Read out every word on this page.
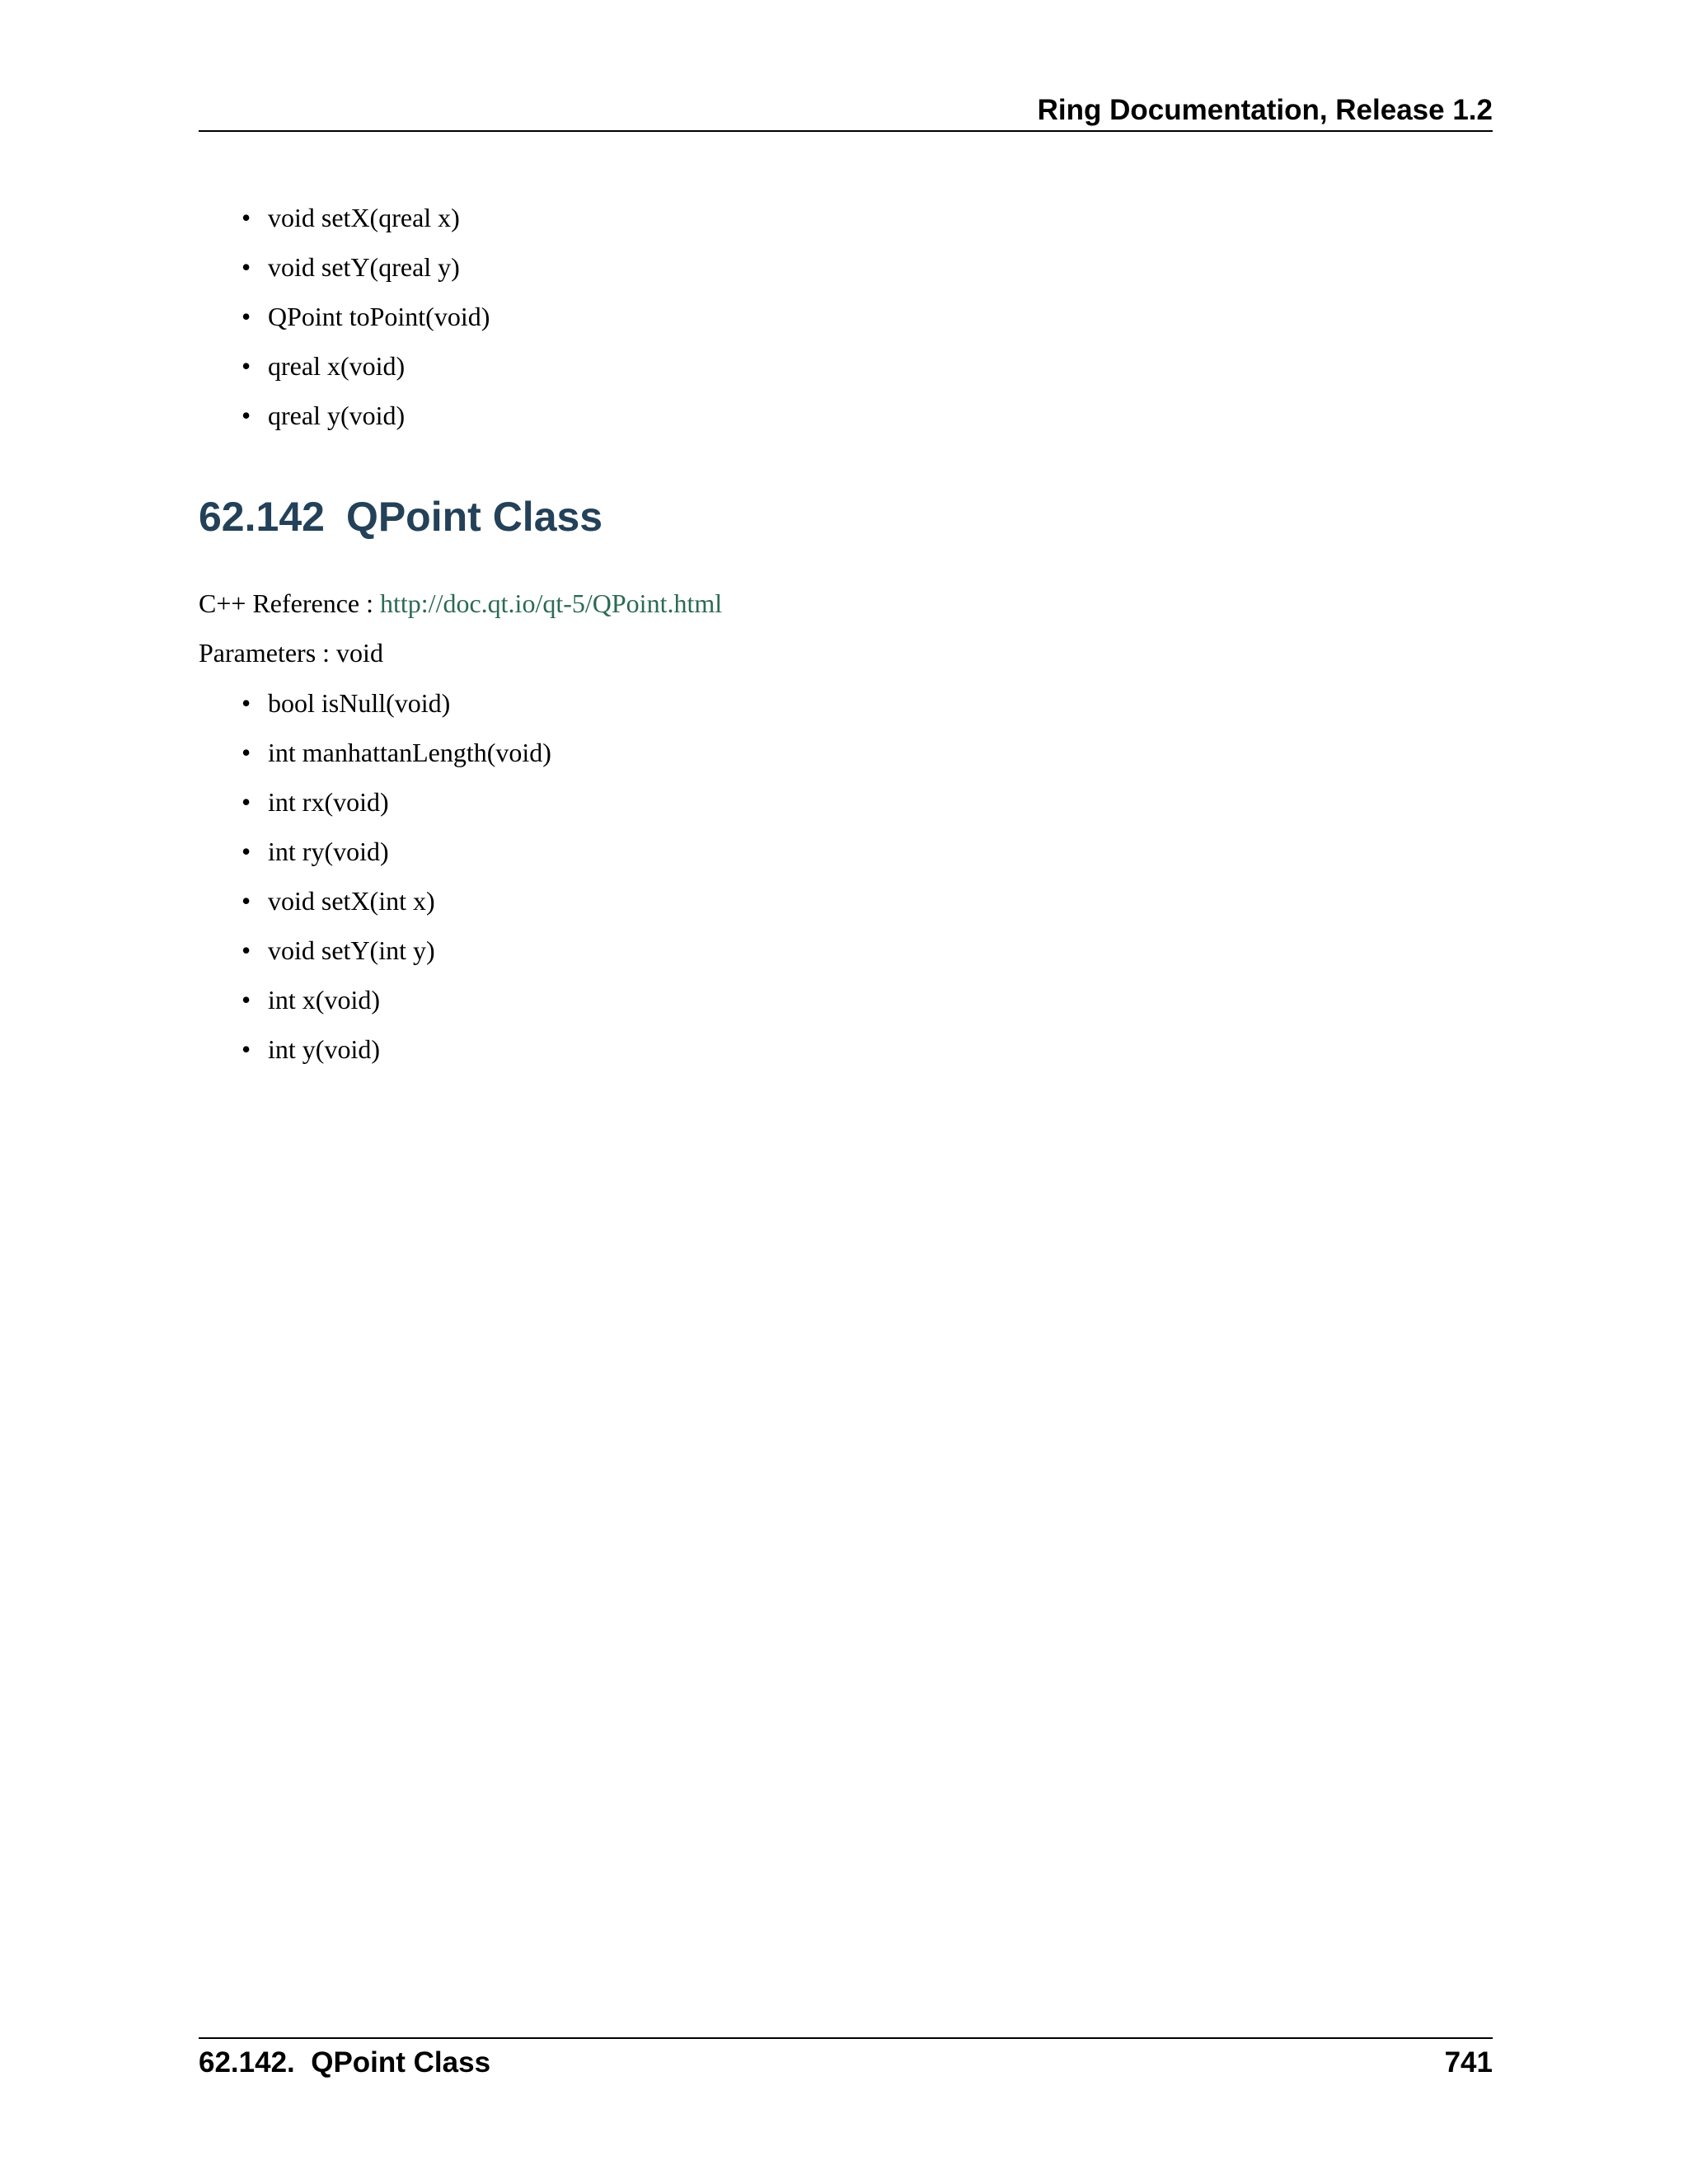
Ring Documentation, Release 1.2
• void setX(qreal x)
• void setY(qreal y)
• QPoint toPoint(void)
• qreal x(void)
• qreal y(void)
62.142 QPoint Class

C++ Reference : http://doc.qt.io/qt-5/QPoint.html

Parameters : void

• bool isNull(void)
• int manhattanLength(void)
• int rx(void)
• int ry(void)
• void setX(int x)
• void setY(int y)
• int x(void)
• int y(void)
62.142.  QPoint Class	741
